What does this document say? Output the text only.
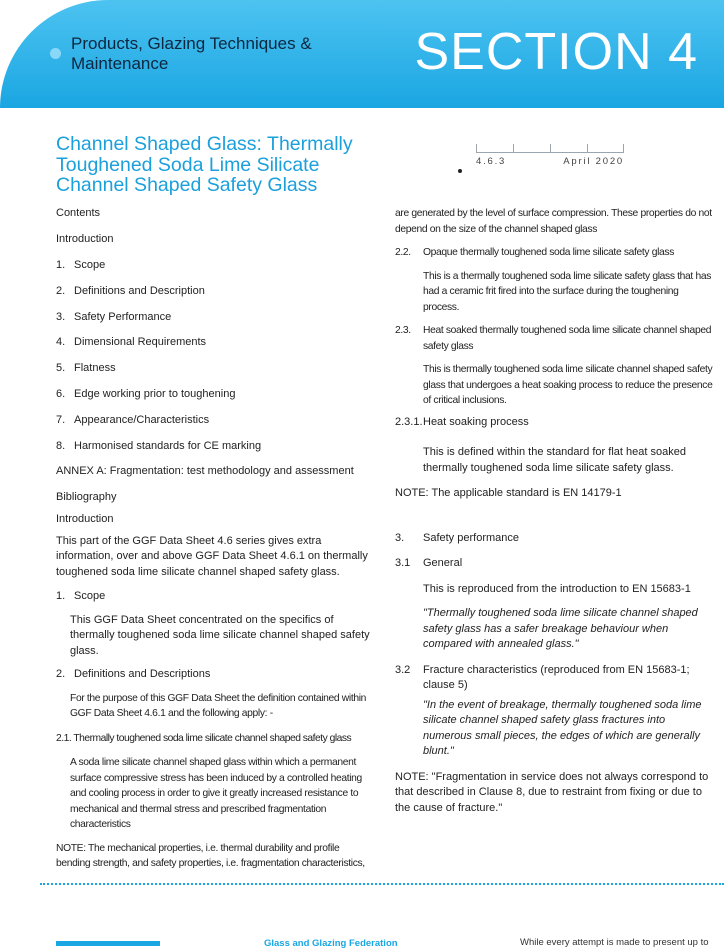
Products, Glazing Techniques & Maintenance	SECTION 4
Channel Shaped Glass: Thermally Toughened Soda Lime Silicate Channel Shaped Safety Glass
4.6.3	April 2020

Contents

Introduction

1. Scope
2. Definitions and Description
3. Safety Performance
4. Dimensional Requirements
5. Flatness
6. Edge working prior to toughening
7. Appearance/Characteristics
8. Harmonised standards for CE marking

ANNEX A: Fragmentation: test methodology and assessment

Bibliography

Introduction

This part of the GGF Data Sheet 4.6 series gives extra information, over and above GGF Data Sheet 4.6.1 on thermally toughened soda lime silicate channel shaped safety glass.

1. Scope

This GGF Data Sheet concentrated on the specifics of thermally toughened soda lime silicate channel shaped safety glass.

2. Definitions and Descriptions

For the purpose of this GGF Data Sheet the definition contained within GGF Data Sheet 4.6.1 and the following apply: -

2.1. Thermally toughened soda lime silicate channel shaped safety glass

A soda lime silicate channel shaped glass within which a permanent surface compressive stress has been induced by a controlled heating and cooling process in order to give it greatly increased resistance to mechanical and thermal stress and prescribed fragmentation characteristics

NOTE: The mechanical properties, i.e. thermal durability and profile bending strength, and safety properties, i.e. fragmentation characteristics,

are generated by the level of surface compression. These properties do not depend on the size of the channel shaped glass

2.2.	Opaque thermally toughened soda lime silicate safety glass

This is a thermally toughened soda lime silicate safety glass that has had a ceramic frit fired into the surface during the toughening process.

2.3.	Heat soaked thermally toughened soda lime silicate channel shaped safety glass

This is thermally toughened soda lime silicate channel shaped safety glass that undergoes a heat soaking process to reduce the presence of critical inclusions.

2.3.1. Heat soaking process

This is defined within the standard for flat heat soaked thermally toughened soda lime silicate safety glass.

NOTE: The applicable standard is EN 14179-1

3.	Safety performance
3.1	General

This is reproduced from the introduction to EN 15683-1

"Thermally toughened soda lime silicate channel shaped safety glass has a safer breakage behaviour when compared with annealed glass."

3.2	Fracture characteristics (reproduced from EN 15683-1; clause 5)

"In the event of breakage, thermally toughened soda lime silicate channel shaped safety glass fractures into numerous small pieces, the edges of which are generally blunt."

NOTE: "Fragmentation in service does not always correspond to that described in Clause 8, due to restraint from fixing or due to the cause of fracture."

Glass and Glazing Federation	While every attempt is made to present up to
